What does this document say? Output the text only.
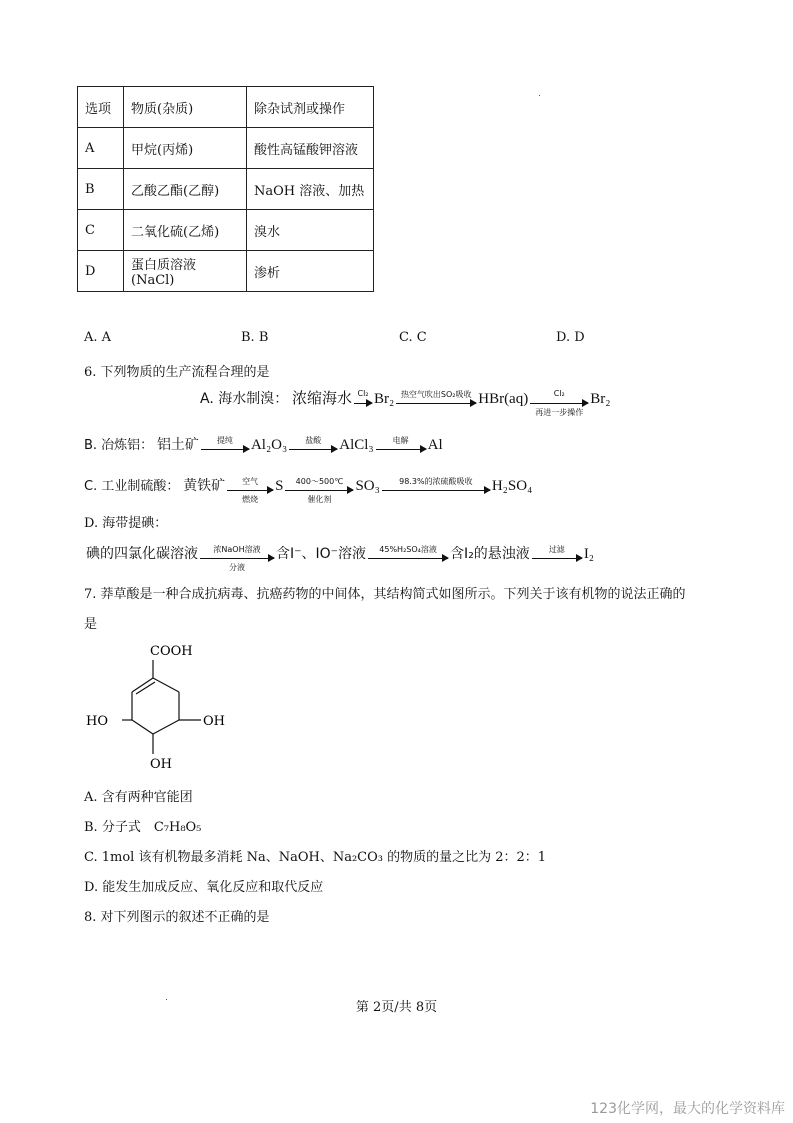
选项	物质(杂质)	除杂试剂或操作
A	甲烷(丙烯)	酸性高锰酸钾溶液
B	乙酸乙酯(乙醇)	NaOH 溶液、加热
C	二氧化硫(乙烯)	溴水
D	蛋白质溶液(NaCl)	渗析
A. A	B. B	C. C	D. D
6. 下列物质的生产流程合理的是
A. 海水制溴： 浓缩海水 Cl₂ Br₂ 热空气吹出SO₂吸收 HBr(aq)	Cl₂
再进一步操作
Br₂
B. 冶炼铝： 铝土矿	提纯	Al₂O₃	盐酸	AlCl₃	电解	Al
C. 工业制硫酸： 黄铁矿	空气
燃烧
S	400～500℃
催化剂
SO₃	98.3%的浓硫酸吸收	H₂SO₄
D. 海带提碘：
碘的四氯化碳溶液	浓NaOH溶液
分液
含I⁻、IO⁻溶液	45%H₂SO₄溶液 含I₂的悬浊液	过滤	I₂
7. 莽草酸是一种合成抗病毒、抗癌药物的中间体，其结构简式如图所示。下列关于该有机物的说法正确的
是
COOH
HO	OH
OH
A. 含有两种官能团
B. 分子式　C₇H₈O₅
C. 1mol 该有机物最多消耗 Na、NaOH、Na₂CO₃ 的物质的量之比为 2：2：1
D. 能发生加成反应、氧化反应和取代反应
8. 对下列图示的叙述不正确的是
第 2页/共 8页
123化学网，最大的化学资料库
